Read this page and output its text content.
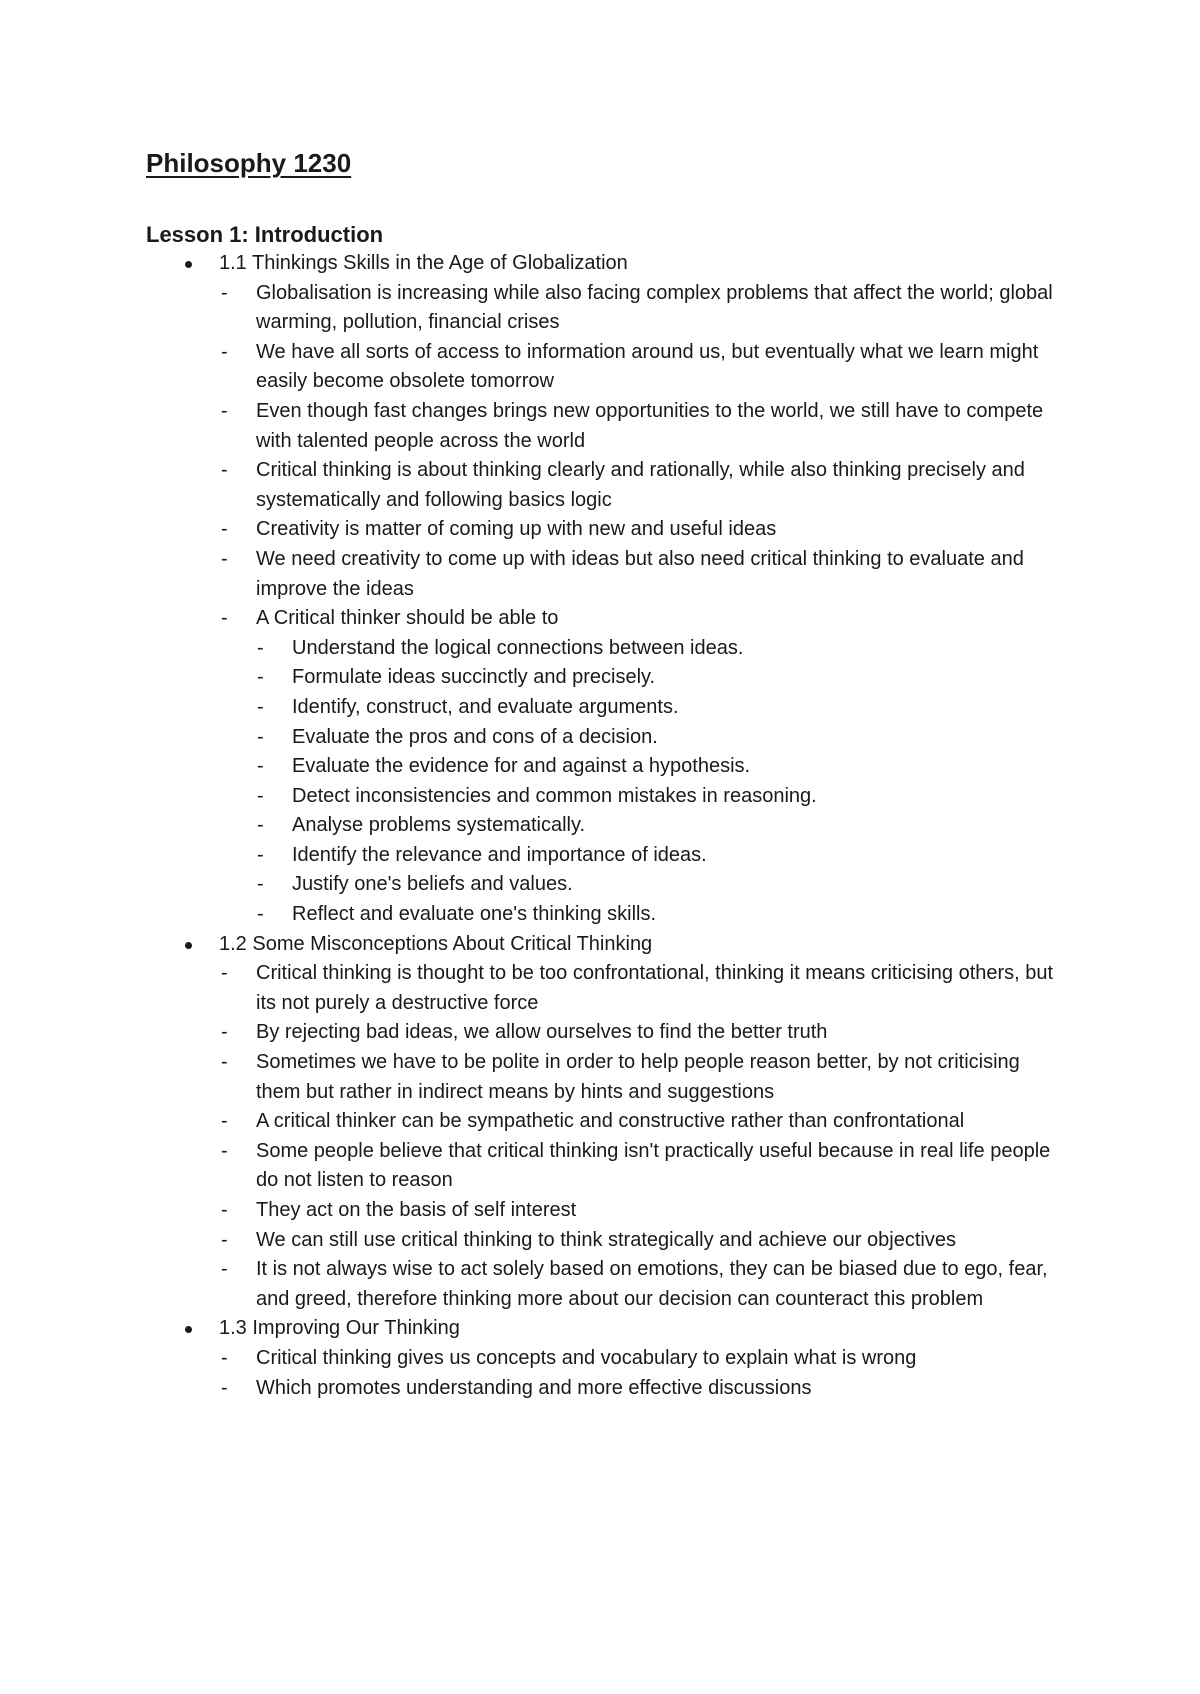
Philosophy 1230
Lesson 1: Introduction
1.1 Thinkings Skills in the Age of Globalization
- Globalisation is increasing while also facing complex problems that affect the world; global warming, pollution, financial crises
- We have all sorts of access to information around us, but eventually what we learn might easily become obsolete tomorrow
- Even though fast changes brings new opportunities to the world, we still have to compete with talented people across the world
- Critical thinking is about thinking clearly and rationally, while also thinking precisely and systematically and following basics logic
- Creativity is matter of coming up with new and useful ideas
- We need creativity to come up with ideas but also need critical thinking to evaluate and improve the ideas
- A Critical thinker should be able to
- Understand the logical connections between ideas.
- Formulate ideas succinctly and precisely.
- Identify, construct, and evaluate arguments.
- Evaluate the pros and cons of a decision.
- Evaluate the evidence for and against a hypothesis.
- Detect inconsistencies and common mistakes in reasoning.
- Analyse problems systematically.
- Identify the relevance and importance of ideas.
- Justify one's beliefs and values.
- Reflect and evaluate one's thinking skills.
1.2 Some Misconceptions About Critical Thinking
- Critical thinking is thought to be too confrontational, thinking it means criticising others, but its not purely a destructive force
- By rejecting bad ideas, we allow ourselves to find the better truth
- Sometimes we have to be polite in order to help people reason better, by not criticising them but rather in indirect means by hints and suggestions
- A critical thinker can be sympathetic and constructive rather than confrontational
- Some people believe that critical thinking isn't practically useful because in real life people do not listen to reason
- They act on the basis of self interest
- We can still use critical thinking to think strategically and achieve our objectives
- It is not always wise to act solely based on emotions, they can be biased due to ego, fear, and greed, therefore thinking more about our decision can counteract this problem
1.3 Improving Our Thinking
- Critical thinking gives us concepts and vocabulary to explain what is wrong
- Which promotes understanding and more effective discussions
